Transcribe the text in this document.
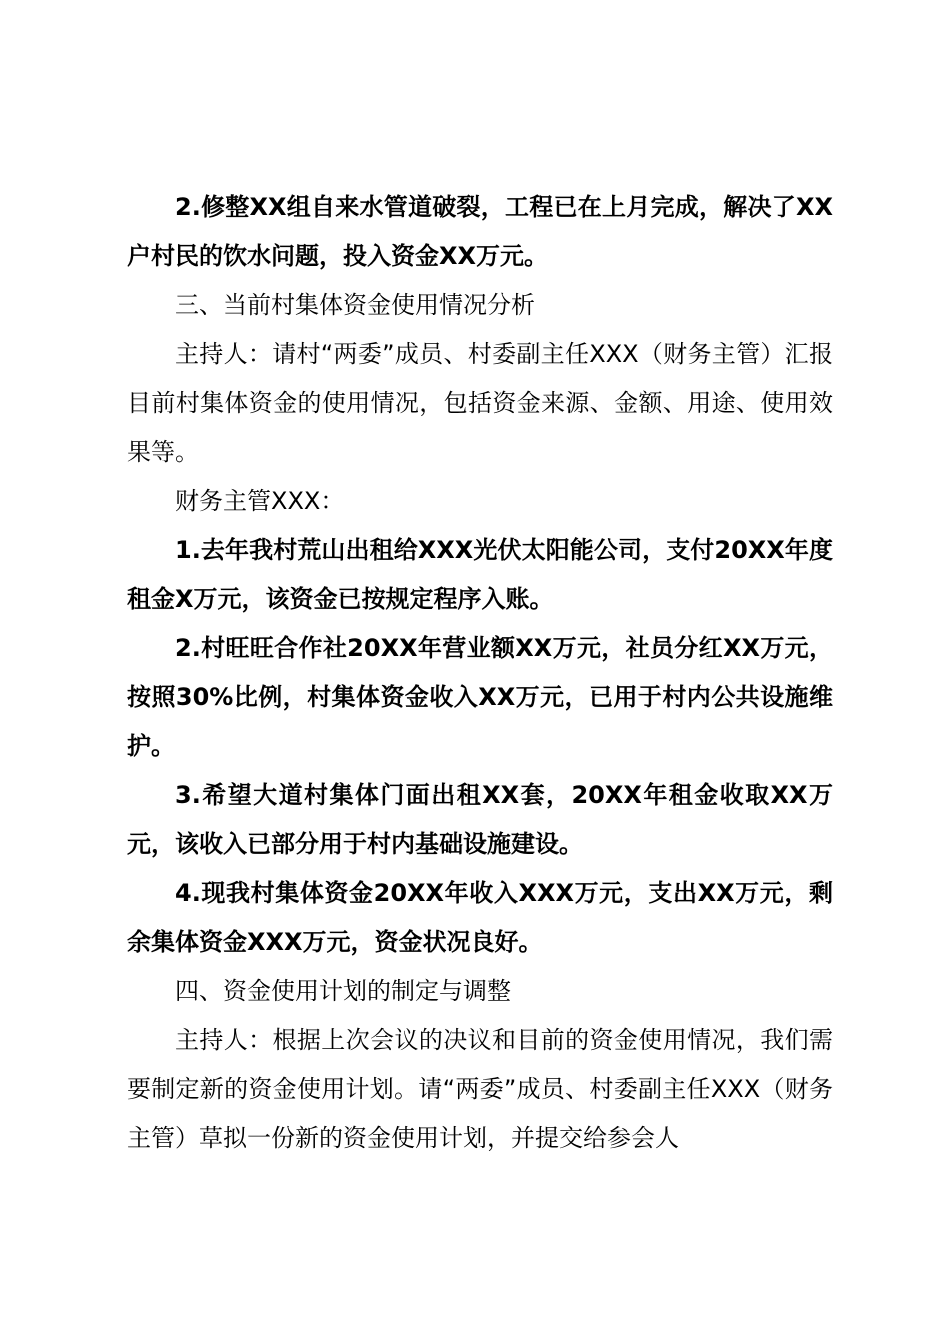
2.修整XX组自来水管道破裂，工程已在上月完成，解决了XX户村民的饮水问题，投入资金XX万元。

三、当前村集体资金使用情况分析

主持人：请村“两委”成员、村委副主任XXX（财务主管）汇报目前村集体资金的使用情况，包括资金来源、金额、用途、使用效果等。

财务主管XXX：

1.去年我村荒山出租给XXX光伏太阳能公司，支付20XX年度租金X万元，该资金已按规定程序入账。

2.村旺旺合作社20XX年营业额XX万元，社员分红XX万元，按照30%比例，村集体资金收入XX万元，已用于村内公共设施维护。

3.希望大道村集体门面出租XX套，20XX年租金收取XX万元，该收入已部分用于村内基础设施建设。

4.现我村集体资金20XX年收入XXX万元，支出XX万元，剩余集体资金XXX万元，资金状况良好。

四、资金使用计划的制定与调整

主持人：根据上次会议的决议和目前的资金使用情况，我们需要制定新的资金使用计划。请“两委”成员、村委副主任XXX（财务主管）草拟一份新的资金使用计划，并提交给参会人
